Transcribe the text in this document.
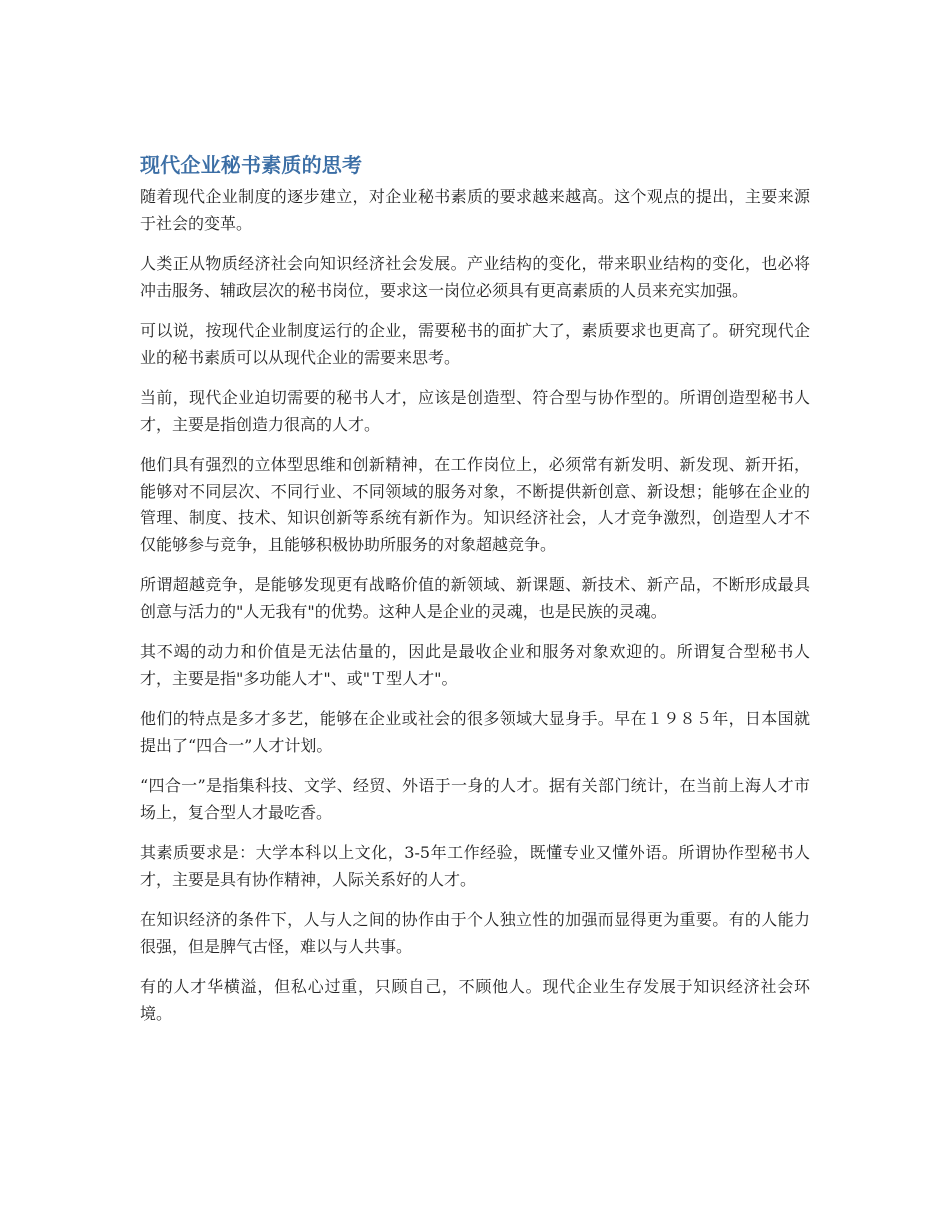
现代企业秘书素质的思考

随着现代企业制度的逐步建立，对企业秘书素质的要求越来越高。这个观点的提出，主要来源于社会的变革。

人类正从物质经济社会向知识经济社会发展。产业结构的变化，带来职业结构的变化，也必将冲击服务、辅政层次的秘书岗位，要求这一岗位必须具有更高素质的人员来充实加强。

可以说，按现代企业制度运行的企业，需要秘书的面扩大了，素质要求也更高了。研究现代企业的秘书素质可以从现代企业的需要来思考。

当前，现代企业迫切需要的秘书人才，应该是创造型、符合型与协作型的。所谓创造型秘书人才，主要是指创造力很高的人才。

他们具有强烈的立体型思维和创新精神，在工作岗位上，必须常有新发明、新发现、新开拓，能够对不同层次、不同行业、不同领域的服务对象，不断提供新创意、新设想；能够在企业的管理、制度、技术、知识创新等系统有新作为。知识经济社会，人才竞争激烈，创造型人才不仅能够参与竞争，且能够积极协助所服务的对象超越竞争。

所谓超越竞争，是能够发现更有战略价值的新领域、新课题、新技术、新产品，不断形成最具创意与活力的"人无我有"的优势。这种人是企业的灵魂，也是民族的灵魂。

其不竭的动力和价值是无法估量的，因此是最收企业和服务对象欢迎的。所谓复合型秘书人才，主要是指"多功能人才"、或"Ｔ型人才"。

他们的特点是多才多艺，能够在企业或社会的很多领域大显身手。早在１９８５年，日本国就提出了“四合一”人才计划。

“四合一”是指集科技、文学、经贸、外语于一身的人才。据有关部门统计，在当前上海人才市场上，复合型人才最吃香。

其素质要求是：大学本科以上文化，3-5年工作经验，既懂专业又懂外语。所谓协作型秘书人才，主要是具有协作精神，人际关系好的人才。

在知识经济的条件下，人与人之间的协作由于个人独立性的加强而显得更为重要。有的人能力很强，但是脾气古怪，难以与人共事。

有的人才华横溢，但私心过重，只顾自己，不顾他人。现代企业生存发展于知识经济社会环境。
